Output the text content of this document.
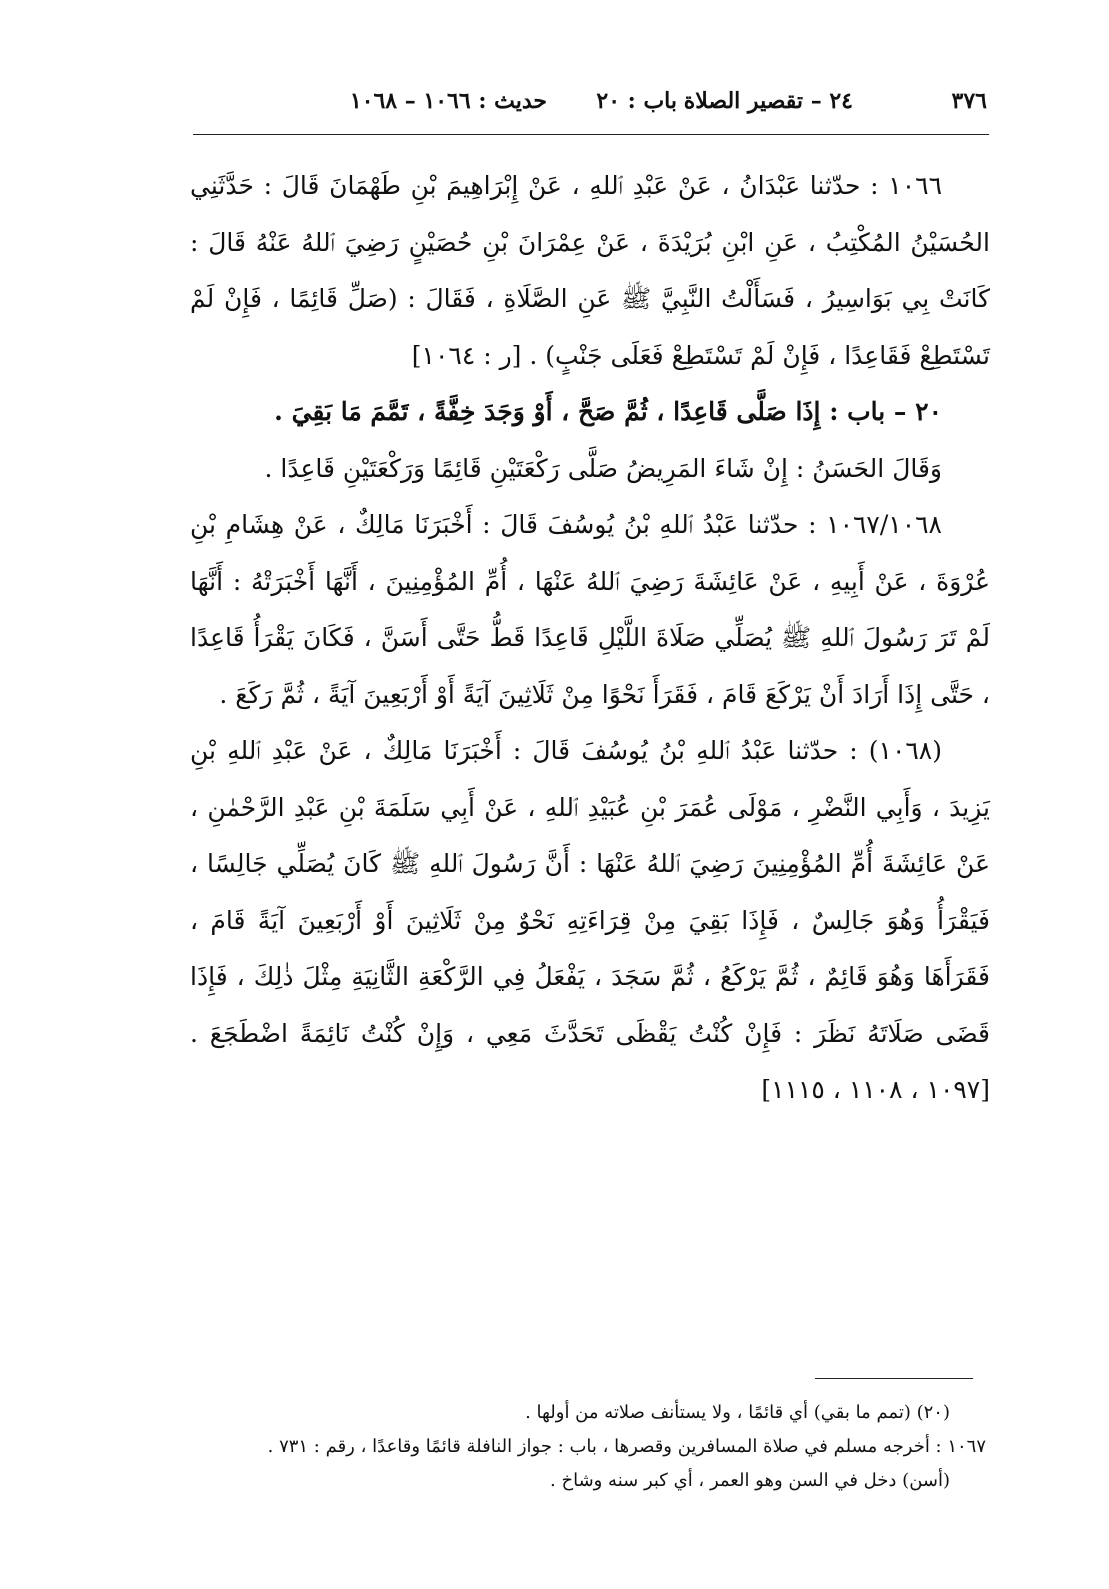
٣٧٦
٢٤ – تقصير الصلاة
باب : ٢٠
حديث : ١٠٦٦ – ١٠٦٨

١٠٦٦ : حدّثنا عَبْدَانُ ، عَنْ عَبْدِ ٱللهِ ، عَنْ إِبْرَاهِيمَ بْنِ طَهْمَانَ قَالَ : حَدَّثَنِي الحُسَيْنُ المُكْتِبُ ، عَنِ ابْنِ بُرَيْدَةَ ، عَنْ عِمْرَانَ بْنِ حُصَيْنٍ رَضِيَ ٱللهُ عَنْهُ قَالَ : كَانَتْ بِي بَوَاسِيرُ ، فَسَأَلْتُ النَّبِيَّ ﷺ عَنِ الصَّلَاةِ ، فَقَالَ : (صَلِّ قَائِمًا ، فَإِنْ لَمْ تَسْتَطِعْ فَقَاعِدًا ، فَإِنْ لَمْ تَسْتَطِعْ فَعَلَى جَنْبٍ) . [ر : ١٠٦٤]

٢٠ – باب : إِذَا صَلَّى قَاعِدًا ، ثُمَّ صَحَّ ، أَوْ وَجَدَ خِفَّةً ، تَمَّمَ مَا بَقِيَ .

وَقَالَ الحَسَنُ : إِنْ شَاءَ المَرِيضُ صَلَّى رَكْعَتَيْنِ قَائِمًا وَرَكْعَتَيْنِ قَاعِدًا .

١٠٦٧/١٠٦٨ : حدّثنا عَبْدُ ٱللهِ بْنُ يُوسُفَ قَالَ : أَخْبَرَنَا مَالِكٌ ، عَنْ هِشَامِ بْنِ عُرْوَةَ ، عَنْ أَبِيهِ ، عَنْ عَائِشَةَ رَضِيَ ٱللهُ عَنْهَا ، أُمِّ المُؤْمِنِينَ ، أَنَّهَا أَخْبَرَتْهُ : أَنَّهَا لَمْ تَرَ رَسُولَ ٱللهِ ﷺ يُصَلِّي صَلَاةَ اللَّيْلِ قَاعِدًا قَطُّ حَتَّى أَسَنَّ ، فَكَانَ يَقْرَأُ قَاعِدًا ، حَتَّى إِذَا أَرَادَ أَنْ يَرْكَعَ قَامَ ، فَقَرَأَ نَحْوًا مِنْ ثَلَاثِينَ آيَةً أَوْ أَرْبَعِينَ آيَةً ، ثُمَّ رَكَعَ .

(١٠٦٨) : حدّثنا عَبْدُ ٱللهِ بْنُ يُوسُفَ قَالَ : أَخْبَرَنَا مَالِكٌ ، عَنْ عَبْدِ ٱللهِ بْنِ يَزِيدَ ، وَأَبِي النَّضْرِ ، مَوْلَى عُمَرَ بْنِ عُبَيْدِ ٱللهِ ، عَنْ أَبِي سَلَمَةَ بْنِ عَبْدِ الرَّحْمٰنِ ، عَنْ عَائِشَةَ أُمِّ المُؤْمِنِينَ رَضِيَ ٱللهُ عَنْهَا : أَنَّ رَسُولَ ٱللهِ ﷺ كَانَ يُصَلِّي جَالِسًا ، فَيَقْرَأُ وَهُوَ جَالِسٌ ، فَإِذَا بَقِيَ مِنْ قِرَاءَتِهِ نَحْوٌ مِنْ ثَلَاثِينَ أَوْ أَرْبَعِينَ آيَةً قَامَ ، فَقَرَأَهَا وَهُوَ قَائِمٌ ، ثُمَّ يَرْكَعُ ، ثُمَّ سَجَدَ ، يَفْعَلُ فِي الرَّكْعَةِ الثَّانِيَةِ مِثْلَ ذٰلِكَ ، فَإِذَا قَضَى صَلَاتَهُ نَظَرَ : فَإِنْ كُنْتُ يَقْظَى تَحَدَّثَ مَعِي ، وَإِنْ كُنْتُ نَائِمَةً اضْطَجَعَ . [١٠٩٧ ، ١١٠٨ ، ١١١٥]

(٢٠) (تمم ما بقي) أي قائمًا ، ولا يستأنف صلاته من أولها .

١٠٦٧ : أخرجه مسلم في صلاة المسافرين وقصرها ، باب : جواز النافلة قائمًا وقاعدًا ، رقم : ٧٣١ .

(أسن) دخل في السن وهو العمر ، أي كبر سنه وشاخ .
